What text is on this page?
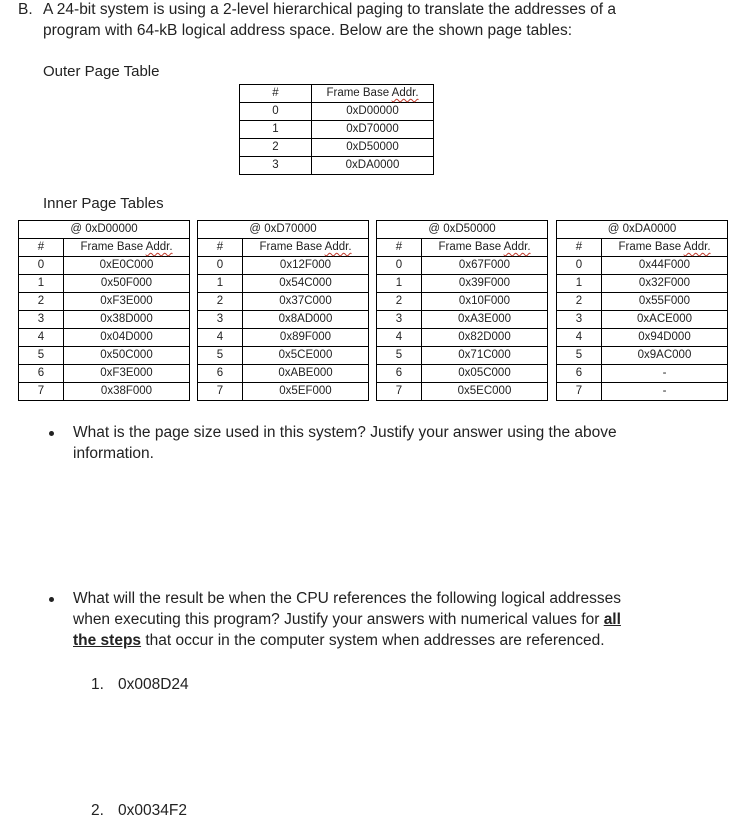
B. A 24-bit system is using a 2-level hierarchical paging to translate the addresses of a
program with 64-kB logical address space. Below are the shown page tables:
Outer Page Table
#	Frame Base Addr.
0	0xD00000
1	0xD70000
2	0xD50000
3	0xDA0000
Inner Page Tables
@ 0xD00000	
#	Frame Base Addr.
0	0xE0C000
1	0x50F000
2	0xF3E000
3	0x38D000
4	0x04D000
5	0x50C000
6	0xF3E000
7	0x38F000
@ 0xD70000	
#	Frame Base Addr.
0	0x12F000
1	0x54C000
2	0x37C000
3	0x8AD000
4	0x89F000
5	0x5CE000
6	0xABE000
7	0x5EF000
@ 0xD50000	
#	Frame Base Addr.
0	0x67F000
1	0x39F000
2	0x10F000
3	0xA3E000
4	0x82D000
5	0x71C000
6	0x05C000
7	0x5EC000
@ 0xDA0000	
#	Frame Base Addr.
0	0x44F000
1	0x32F000
2	0x55F000
3	0xACE000
4	0x94D000
5	0x9AC000
6	-
7	-
What is the page size used in this system? Justify your answer using the above
information.
What will the result be when the CPU references the following logical addresses
when executing this program? Justify your answers with numerical values for all
the steps that occur in the computer system when addresses are referenced.
1. 0x008D24
2. 0x0034F2
